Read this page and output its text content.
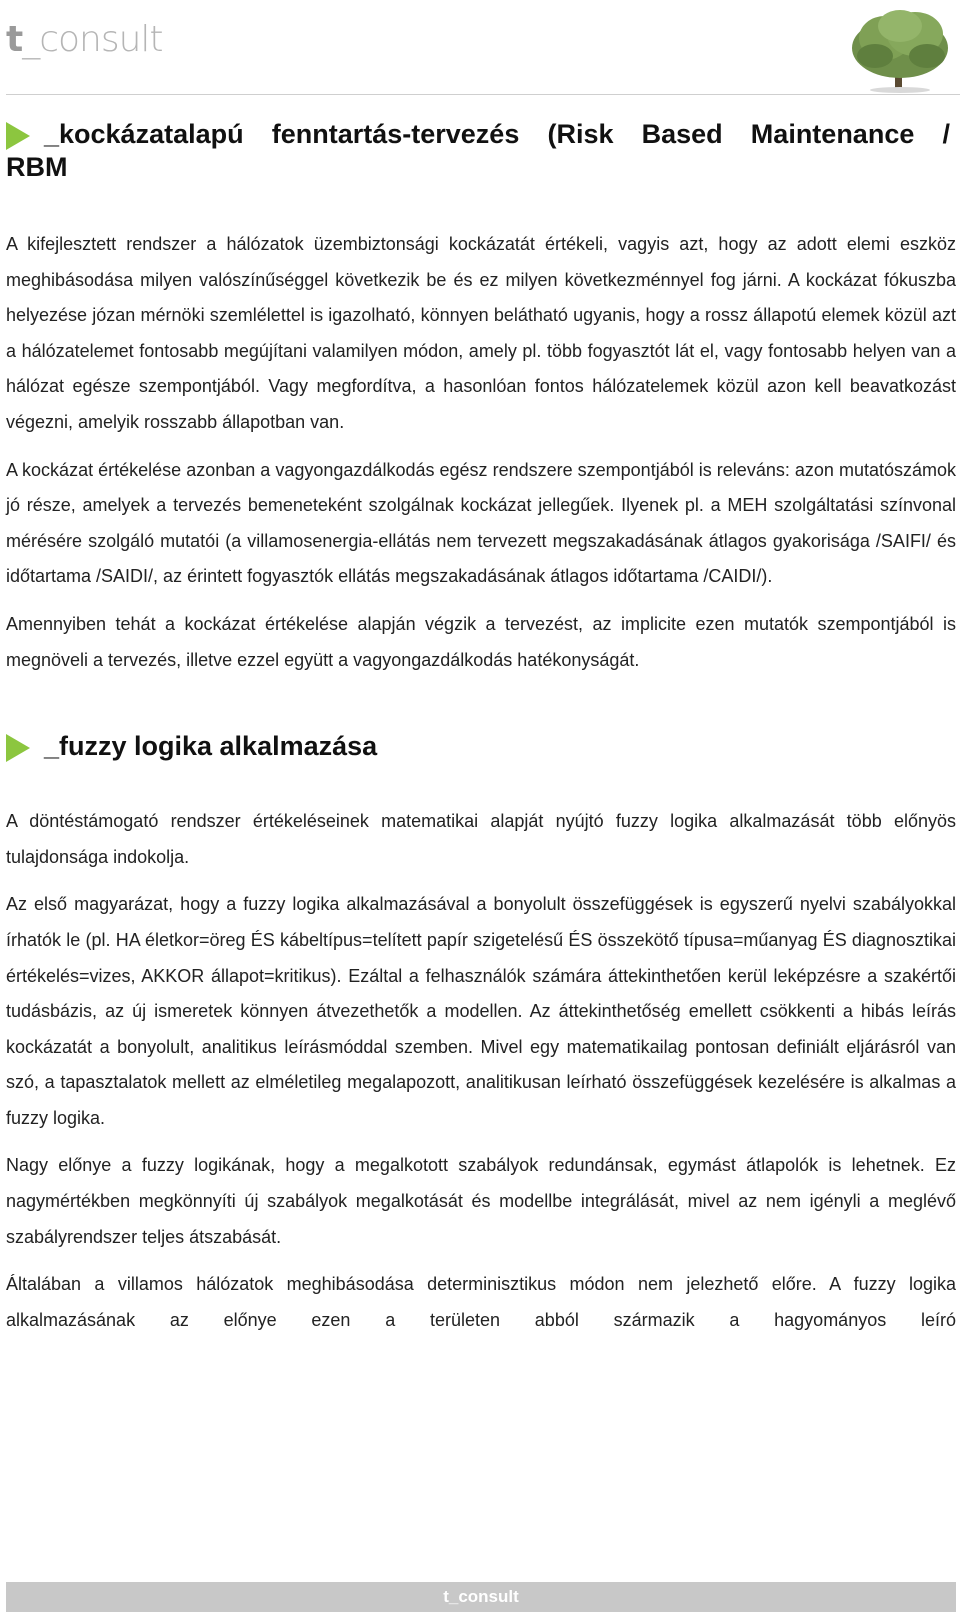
t_consult
_kockázatalapú fenntartás-tervezés (Risk Based Maintenance /
RBM

A kifejlesztett rendszer a hálózatok üzembiztonsági kockázatát értékeli, vagyis azt, hogy az adott elemi eszköz meghibásodása milyen valószínűséggel következik be és ez milyen következménnyel fog járni. A kockázat fókuszba helyezése józan mérnöki szemlélettel is igazolható, könnyen belátható ugyanis, hogy a rossz állapotú elemek közül azt a hálózatelemet fontosabb megújítani valamilyen módon, amely pl. több fogyasztót lát el, vagy fontosabb helyen van a hálózat egésze szempontjából. Vagy megfordítva, a hasonlóan fontos hálózatelemek közül azon kell beavatkozást végezni, amelyik rosszabb állapotban van.

A kockázat értékelése azonban a vagyongazdálkodás egész rendszere szempontjából is releváns: azon mutatószámok jó része, amelyek a tervezés bemeneteként szolgálnak kockázat jellegűek. Ilyenek pl. a MEH szolgáltatási színvonal mérésére szolgáló mutatói (a villamosenergia-ellátás nem tervezett megszakadásának átlagos gyakorisága /SAIFI/ és időtartama /SAIDI/, az érintett fogyasztók ellátás megszakadásának átlagos időtartama /CAIDI/).

Amennyiben tehát a kockázat értékelése alapján végzik a tervezést, az implicite ezen mutatók szempontjából is megnöveli a tervezés, illetve ezzel együtt a vagyongazdálkodás hatékonyságát.

_fuzzy logika alkalmazása

A döntéstámogató rendszer értékeléseinek matematikai alapját nyújtó fuzzy logika alkalmazását több előnyös tulajdonsága indokolja.

Az első magyarázat, hogy a fuzzy logika alkalmazásával a bonyolult összefüggések is egyszerű nyelvi szabályokkal írhatók le (pl. HA életkor=öreg ÉS kábeltípus=telített papír szigetelésű ÉS összekötő típusa=műanyag ÉS diagnosztikai értékelés=vizes, AKKOR állapot=kritikus). Ezáltal a felhasználók számára áttekinthetően kerül leképzésre a szakértői tudásbázis, az új ismeretek könnyen átvezethetők a modellen. Az áttekinthetőség emellett csökkenti a hibás leírás kockázatát a bonyolult, analitikus leírásmóddal szemben. Mivel egy matematikailag pontosan definiált eljárásról van szó, a tapasztalatok mellett az elméletileg megalapozott, analitikusan leírható összefüggések kezelésére is alkalmas a fuzzy logika.

Nagy előnye a fuzzy logikának, hogy a megalkotott szabályok redundánsak, egymást átlapolók is lehetnek. Ez nagymértékben megkönnyíti új szabályok megalkotását és modellbe integrálását, mivel az nem igényli a meglévő szabályrendszer teljes átszabását.

Általában a villamos hálózatok meghibásodása determinisztikus módon nem jelezhető előre. A fuzzy logika alkalmazásának az előnye ezen a területen abból származik a hagyományos leíró

t_consult
